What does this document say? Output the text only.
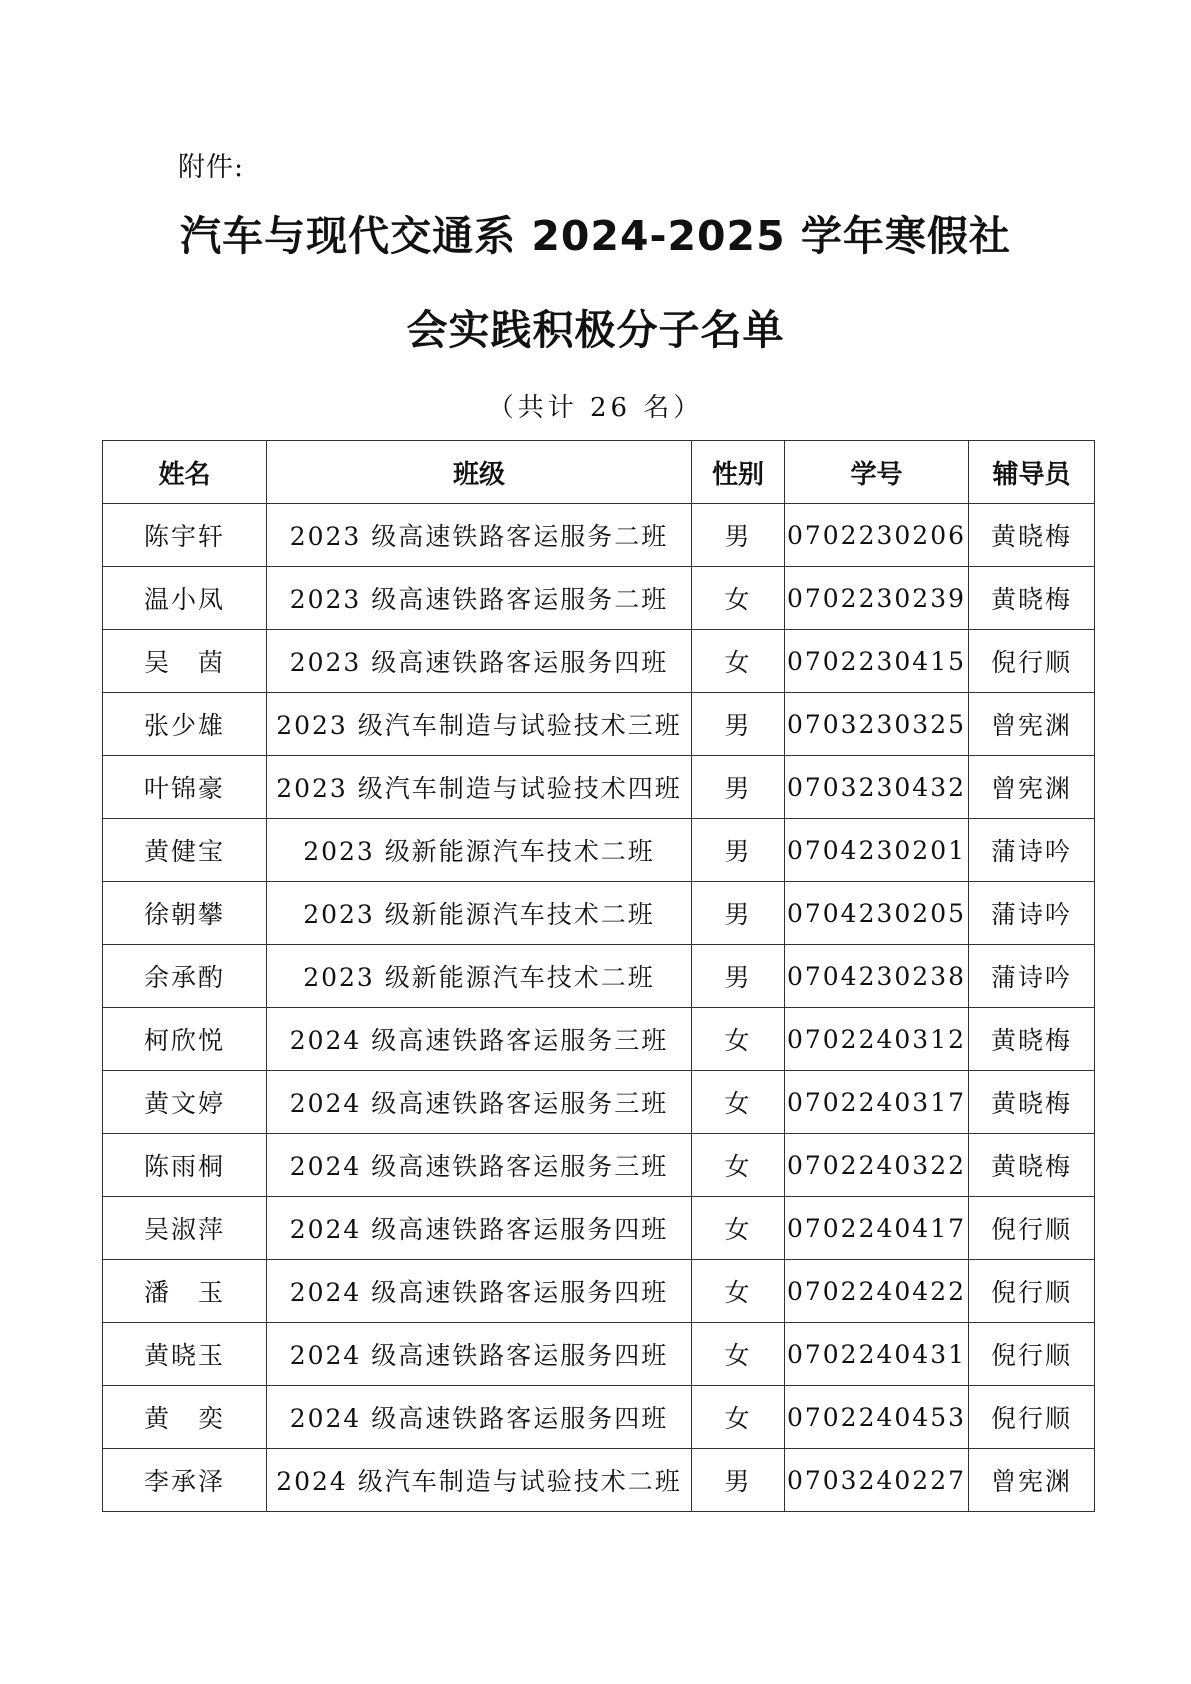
附件:
汽车与现代交通系 2024-2025 学年寒假社
会实践积极分子名单
（共计 26 名）
姓名	班级	性别	学号	辅导员
陈宇轩	2023 级高速铁路客运服务二班	男	0702230206	黄晓梅
温小凤	2023 级高速铁路客运服务二班	女	0702230239	黄晓梅
吴　茵	2023 级高速铁路客运服务四班	女	0702230415	倪行顺
张少雄	2023 级汽车制造与试验技术三班	男	0703230325	曾宪渊
叶锦豪	2023 级汽车制造与试验技术四班	男	0703230432	曾宪渊
黄健宝	2023 级新能源汽车技术二班	男	0704230201	蒲诗吟
徐朝攀	2023 级新能源汽车技术二班	男	0704230205	蒲诗吟
余承酌	2023 级新能源汽车技术二班	男	0704230238	蒲诗吟
柯欣悦	2024 级高速铁路客运服务三班	女	0702240312	黄晓梅
黄文婷	2024 级高速铁路客运服务三班	女	0702240317	黄晓梅
陈雨桐	2024 级高速铁路客运服务三班	女	0702240322	黄晓梅
吴淑萍	2024 级高速铁路客运服务四班	女	0702240417	倪行顺
潘　玉	2024 级高速铁路客运服务四班	女	0702240422	倪行顺
黄晓玉	2024 级高速铁路客运服务四班	女	0702240431	倪行顺
黄　奕	2024 级高速铁路客运服务四班	女	0702240453	倪行顺
李承泽	2024 级汽车制造与试验技术二班	男	0703240227	曾宪渊
